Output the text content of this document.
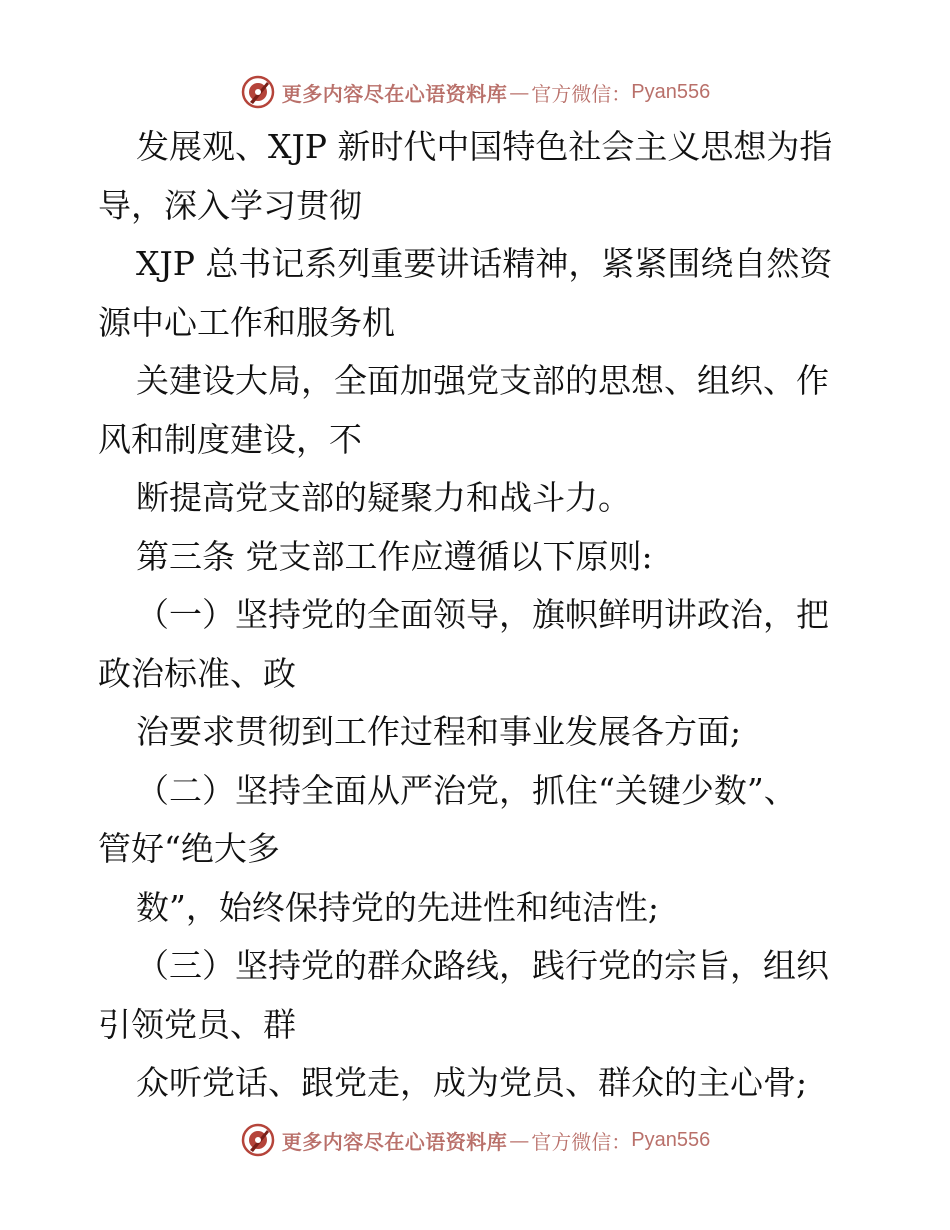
更多内容尽在心语资料库 — 官方微信： Pyan556
发展观、XJP 新时代中国特色社会主义思想为指
导，深入学习贯彻
XJP 总书记系列重要讲话精神，紧紧围绕自然资
源中心工作和服务机
关建设大局，全面加强党支部的思想、组织、作
风和制度建设，不
断提高党支部的疑聚力和战斗力。
第三条 党支部工作应遵循以下原则:
（一）坚持党的全面领导，旗帜鲜明讲政治，把
政治标准、政
治要求贯彻到工作过程和事业发展各方面;
（二）坚持全面从严治党，抓住“关键少数”、
管好“绝大多
数”，始终保持党的先进性和纯洁性;
（三）坚持党的群众路线，践行党的宗旨，组织
引领党员、群
众听党话、跟党走，成为党员、群众的主心骨;
更多内容尽在心语资料库 — 官方微信： Pyan556
